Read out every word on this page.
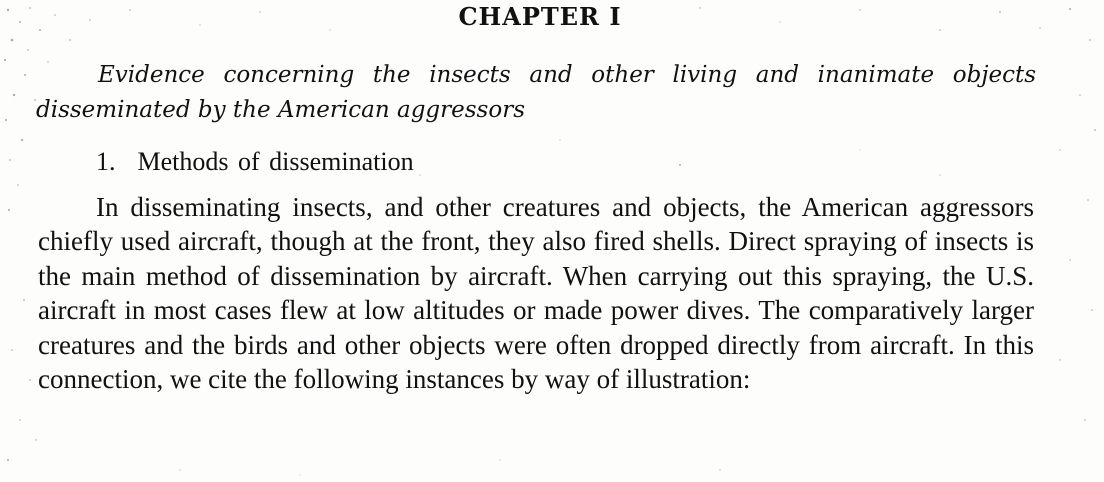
CHAPTER I

Evidence concerning the insects and other living and inanimate objects disseminated by the American aggressors

1. Methods of dissemination

In disseminating insects, and other creatures and objects, the American aggressors chiefly used aircraft, though at the front, they also fired shells. Direct spraying of insects is the main method of dissemination by aircraft. When carrying out this spraying, the U.S. aircraft in most cases flew at low altitudes or made power dives. The comparatively larger creatures and the birds and other objects were often dropped directly from aircraft. In this connection, we cite the following instances by way of illustration:
